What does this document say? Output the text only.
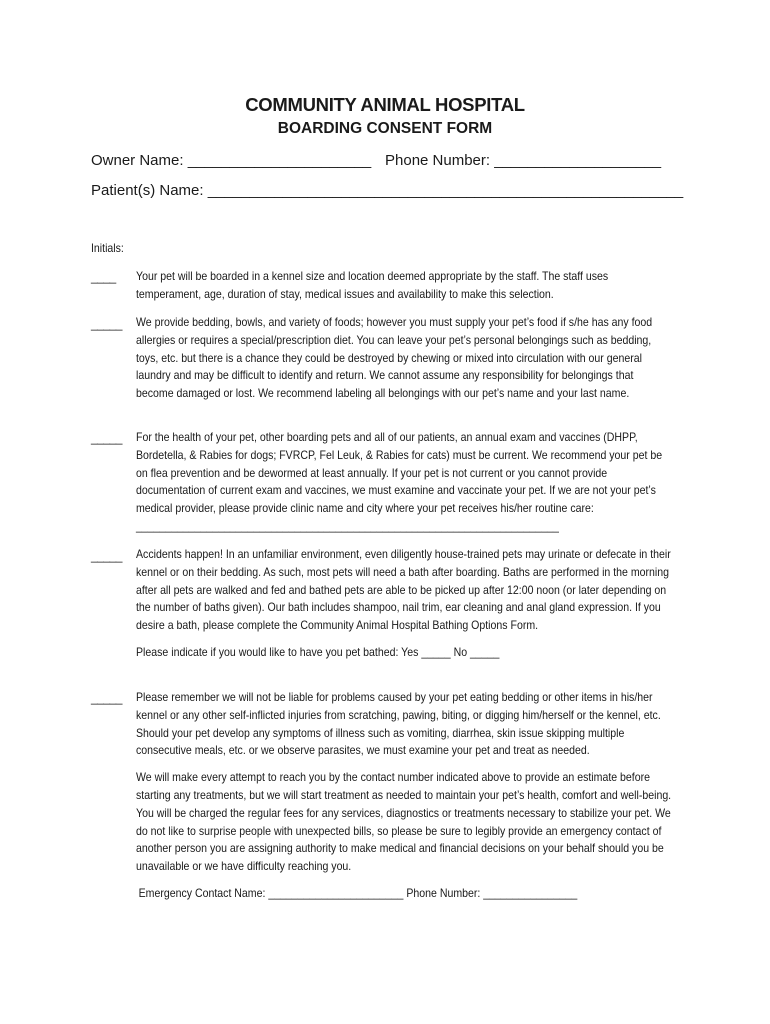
COMMUNITY ANIMAL HOSPITAL
BOARDING CONSENT FORM
Owner Name: ______________________ Phone Number: ____________________
Patient(s) Name: _________________________________________________________
Initials:
____ Your pet will be boarded in a kennel size and location deemed appropriate by the staff. The staff uses temperament, age, duration of stay, medical issues and availability to make this selection.

_____ We provide bedding, bowls, and variety of foods; however you must supply your pet’s food if s/he has any food allergies or requires a special/prescription diet. You can leave your pet’s personal belongings such as bedding, toys, etc. but there is a chance they could be destroyed by chewing or mixed into circulation with our general laundry and may be difficult to identify and return. We cannot assume any responsibility for belongings that become damaged or lost. We recommend labeling all belongings with our pet’s name and your last name.

_____ For the health of your pet, other boarding pets and all of our patients, an annual exam and vaccines (DHPP, Bordetella, & Rabies for dogs; FVRCP, Fel Leuk, & Rabies for cats) must be current. We recommend your pet be on flea prevention and be dewormed at least annually. If your pet is not current or you cannot provide documentation of current exam and vaccines, we must examine and vaccinate your pet. If we are not your pet’s medical provider, please provide clinic name and city where your pet receives his/her routine care: ________________________________________________________________________

_____ Accidents happen! In an unfamiliar environment, even diligently house-trained pets may urinate or defecate in their kennel or on their bedding. As such, most pets will need a bath after boarding. Baths are performed in the morning after all pets are walked and fed and bathed pets are able to be picked up after 12:00 noon (or later depending on the number of baths given). Our bath includes shampoo, nail trim, ear cleaning and anal gland expression. If you desire a bath, please complete the Community Animal Hospital Bathing Options Form.

Please indicate if you would like to have you pet bathed: Yes _____ No _____

_____ Please remember we will not be liable for problems caused by your pet eating bedding or other items in his/her kennel or any other self-inflicted injuries from scratching, pawing, biting, or digging him/herself or the kennel, etc. Should your pet develop any symptoms of illness such as vomiting, diarrhea, skin issue skipping multiple consecutive meals, etc. or we observe parasites, we must examine your pet and treat as needed.

We will make every attempt to reach you by the contact number indicated above to provide an estimate before starting any treatments, but we will start treatment as needed to maintain your pet’s health, comfort and well-being. You will be charged the regular fees for any services, diagnostics or treatments necessary to stabilize your pet. We do not like to surprise people with unexpected bills, so please be sure to legibly provide an emergency contact of another person you are assigning authority to make medical and financial decisions on your behalf should you be unavailable or we have difficulty reaching you.

Emergency Contact Name: _______________________ Phone Number: ________________
